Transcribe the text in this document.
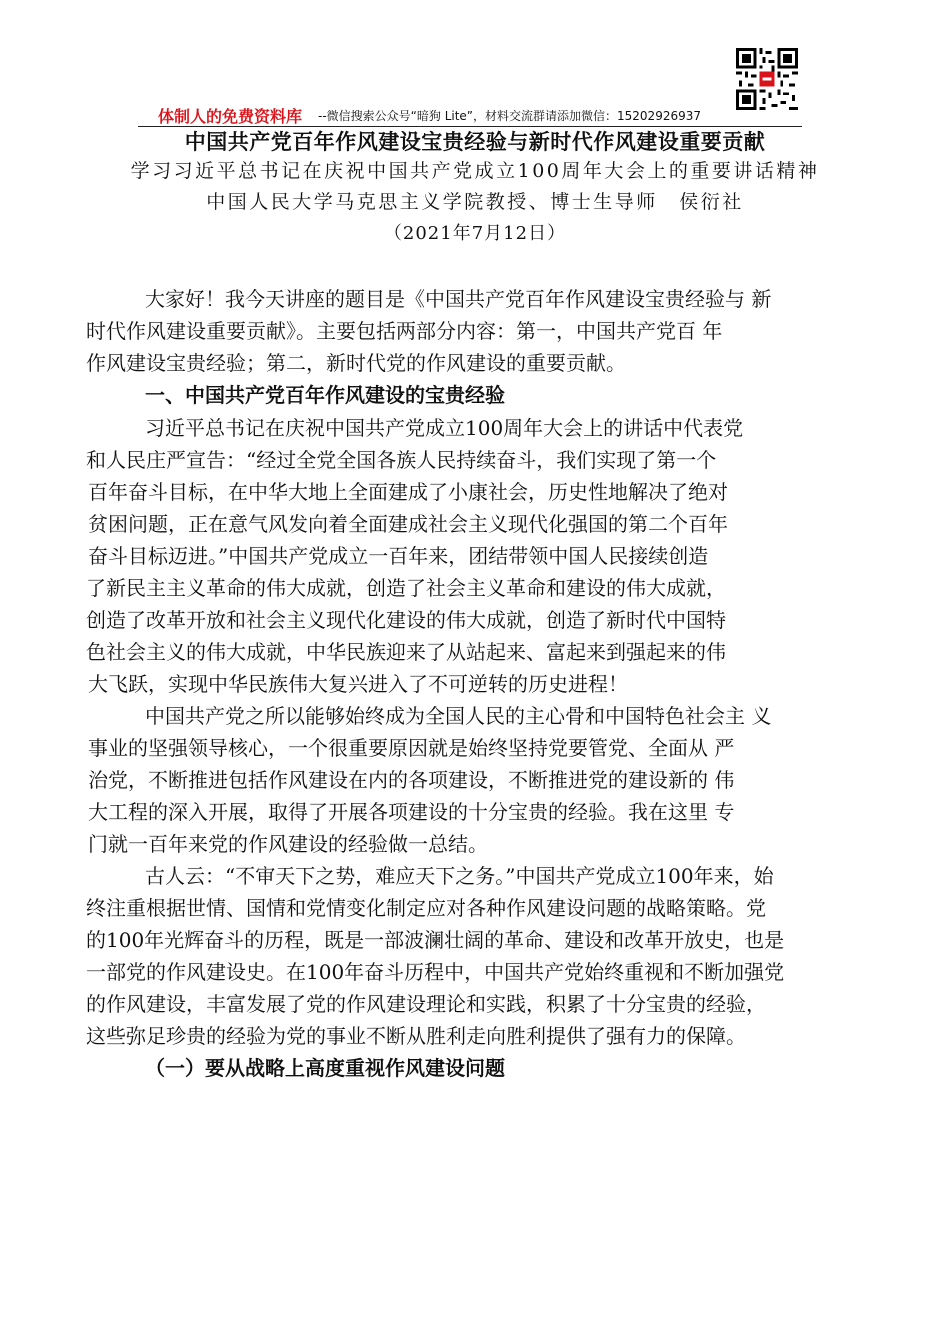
体制人的免费资料库 --微信搜索公众号“暗狗 Lite”，材料交流群请添加微信：15202926937
中国共产党百年作风建设宝贵经验与新时代作风建设重要贡献
学习习近平总书记在庆祝中国共产党成立100周年大会上的重要讲话精神
中国人民大学马克思主义学院教授、博士生导师　侯衍社
（2021年7月12日）
大家好！我今天讲座的题目是《中国共产党百年作风建设宝贵经验与 新
时代作风建设重要贡献》。主要包括两部分内容：第一，中国共产党百 年
作风建设宝贵经验；第二，新时代党的作风建设的重要贡献。
一、中国共产党百年作风建设的宝贵经验
习近平总书记在庆祝中国共产党成立100周年大会上的讲话中代表党
和人民庄严宣告：“经过全党全国各族人民持续奋斗，我们实现了第一个
百年奋斗目标，在中华大地上全面建成了小康社会，历史性地解决了绝对
贫困问题，正在意气风发向着全面建成社会主义现代化强国的第二个百年
奋斗目标迈进。”中国共产党成立一百年来，团结带领中国人民接续创造
了新民主主义革命的伟大成就，创造了社会主义革命和建设的伟大成就，
创造了改革开放和社会主义现代化建设的伟大成就，创造了新时代中国特
色社会主义的伟大成就，中华民族迎来了从站起来、富起来到强起来的伟
大飞跃，实现中华民族伟大复兴进入了不可逆转的历史进程！
中国共产党之所以能够始终成为全国人民的主心骨和中国特色社会主 义
事业的坚强领导核心，一个很重要原因就是始终坚持党要管党、全面从 严
治党，不断推进包括作风建设在内的各项建设，不断推进党的建设新的 伟
大工程的深入开展，取得了开展各项建设的十分宝贵的经验。我在这里 专
门就一百年来党的作风建设的经验做一总结。
古人云：“不审天下之势，难应天下之务。”中国共产党成立100年来，始
终注重根据世情、国情和党情变化制定应对各种作风建设问题的战略策略。党
的100年光辉奋斗的历程，既是一部波澜壮阔的革命、建设和改革开放史，也是
一部党的作风建设史。在100年奋斗历程中，中国共产党始终重视和不断加强党
的作风建设，丰富发展了党的作风建设理论和实践，积累了十分宝贵的经验，
这些弥足珍贵的经验为党的事业不断从胜利走向胜利提供了强有力的保障。
（一）要从战略上高度重视作风建设问题
